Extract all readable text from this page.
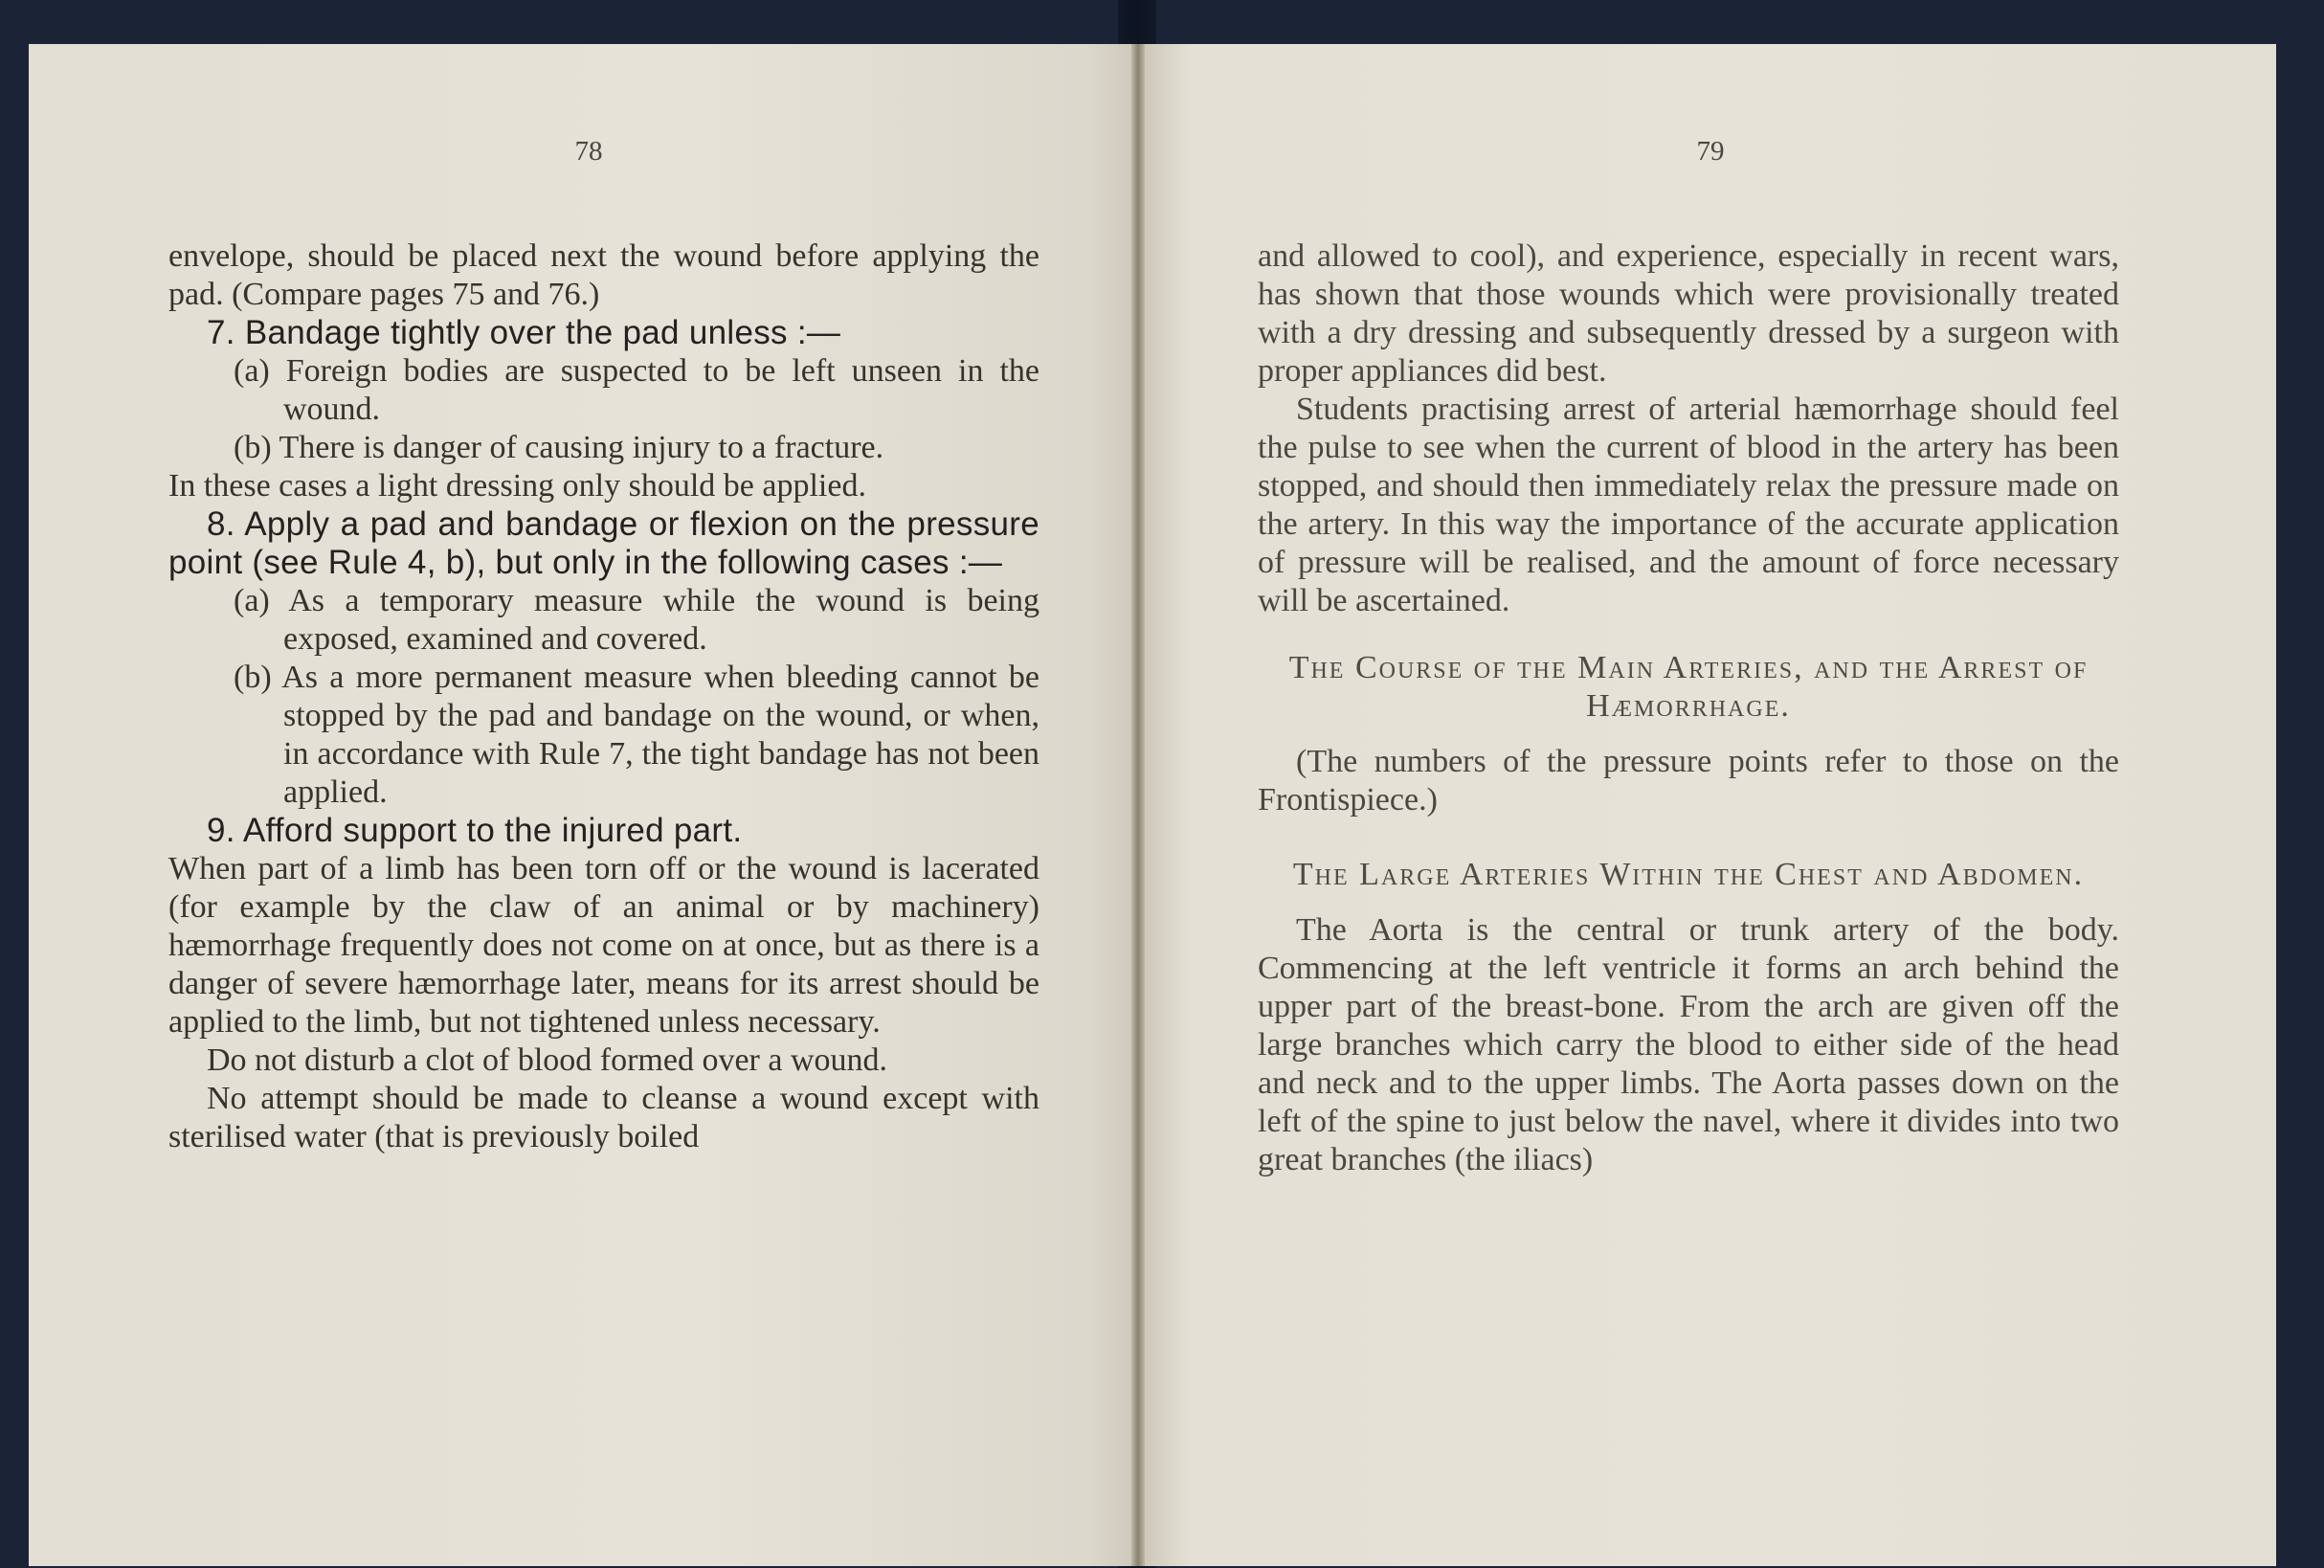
78	79

envelope, should be placed next the wound before applying the pad. (Compare pages 75 and 76.)

7. Bandage tightly over the pad unless :—

(a) Foreign bodies are suspected to be left unseen in the wound.

(b) There is danger of causing injury to a fracture.

In these cases a light dressing only should be applied.

8. Apply a pad and bandage or flexion on the pressure point (see Rule 4, b), but only in the following cases :—

(a) As a temporary measure while the wound is being exposed, examined and covered.

(b) As a more permanent measure when bleeding cannot be stopped by the pad and bandage on the wound, or when, in accordance with Rule 7, the tight bandage has not been applied.

9. Afford support to the injured part.

When part of a limb has been torn off or the wound is lacerated (for example by the claw of an animal or by machinery) hæmorrhage frequently does not come on at once, but as there is a danger of severe hæmorrhage later, means for its arrest should be applied to the limb, but not tightened unless necessary.

Do not disturb a clot of blood formed over a wound.

No attempt should be made to cleanse a wound except with sterilised water (that is previously boiled

and allowed to cool), and experience, especially in recent wars, has shown that those wounds which were provisionally treated with a dry dressing and subsequently dressed by a surgeon with proper appliances did best.

Students practising arrest of arterial hæmorrhage should feel the pulse to see when the current of blood in the artery has been stopped, and should then immediately relax the pressure made on the artery. In this way the importance of the accurate application of pressure will be realised, and the amount of force necessary will be ascertained.

The Course of the Main Arteries, and the Arrest of Hæmorrhage.

(The numbers of the pressure points refer to those on the Frontispiece.)

The Large Arteries Within the Chest and Abdomen.

The Aorta is the central or trunk artery of the body. Commencing at the left ventricle it forms an arch behind the upper part of the breast-bone. From the arch are given off the large branches which carry the blood to either side of the head and neck and to the upper limbs. The Aorta passes down on the left of the spine to just below the navel, where it divides into two great branches (the iliacs)
